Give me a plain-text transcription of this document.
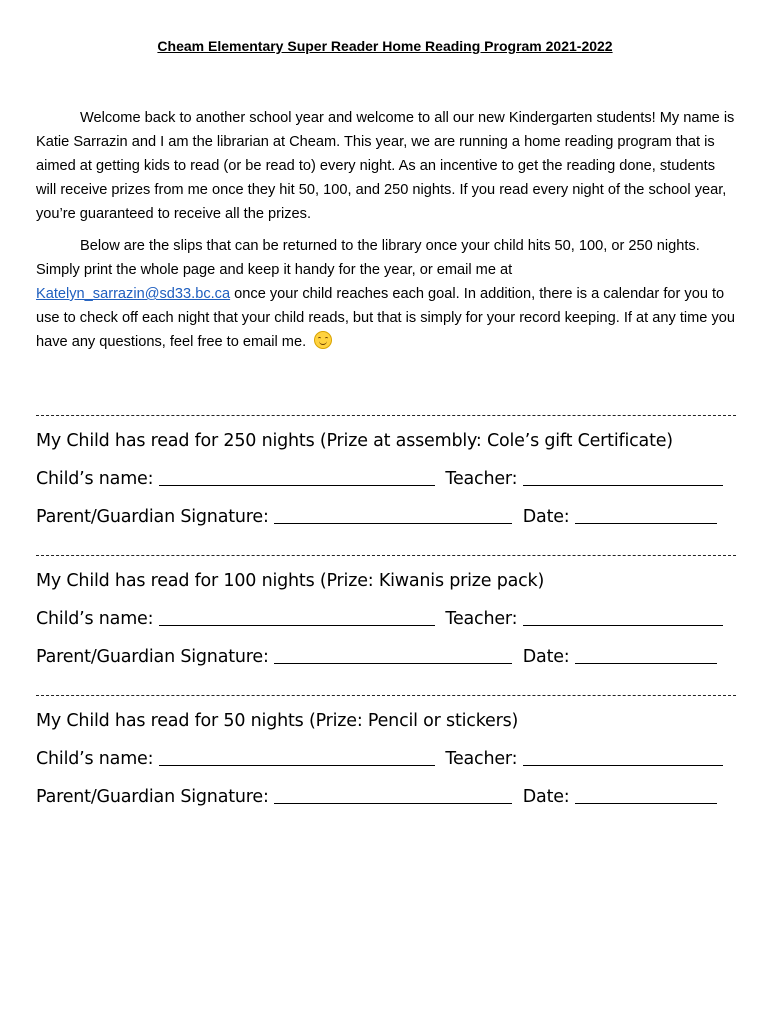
Cheam Elementary Super Reader Home Reading Program 2021-2022

Welcome back to another school year and welcome to all our new Kindergarten students! My name is Katie Sarrazin and I am the librarian at Cheam. This year, we are running a home reading program that is aimed at getting kids to read (or be read to) every night. As an incentive to get the reading done, students will receive prizes from me once they hit 50, 100, and 250 nights. If you read every night of the school year, you’re guaranteed to receive all the prizes.

Below are the slips that can be returned to the library once your child hits 50, 100, or 250 nights. Simply print the whole page and keep it handy for the year, or email me at
Katelyn_sarrazin@sd33.bc.ca once your child reaches each goal. In addition, there is a calendar for you to use to check off each night that your child reads, but that is simply for your record keeping. If at any time you have any questions, feel free to email me.

My Child has read for 250 nights (Prize at assembly: Cole’s gift Certificate)
Child’s name:	Teacher:
Parent/Guardian Signature:	Date:
My Child has read for 100 nights (Prize: Kiwanis prize pack)
Child’s name:	Teacher:
Parent/Guardian Signature:	Date:
My Child has read for 50 nights (Prize: Pencil or stickers)
Child’s name:	Teacher:
Parent/Guardian Signature:	Date:
